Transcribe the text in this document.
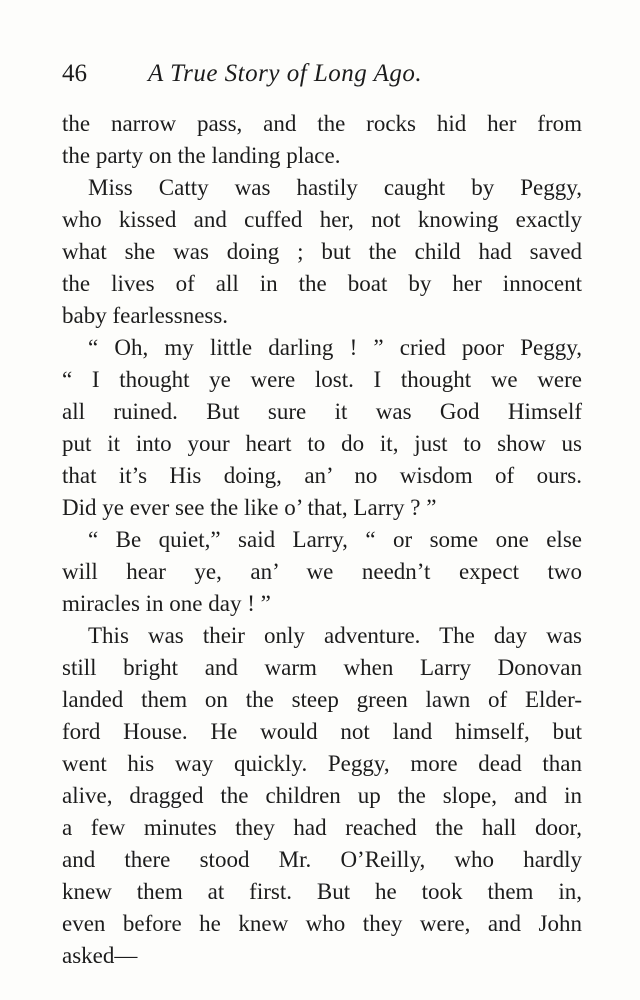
46 A True Story of Long Ago.
the narrow pass, and the rocks hid her from
the party on the landing place.
Miss Catty was hastily caught by Peggy,
who kissed and cuffed her, not knowing exactly
what she was doing ; but the child had saved
the lives of all in the boat by her innocent
baby fearlessness.
“ Oh, my little darling ! ” cried poor Peggy,
“ I thought ye were lost. I thought we were
all ruined. But sure it was God Himself
put it into your heart to do it, just to show us
that it’s His doing, an’ no wisdom of ours.
Did ye ever see the like o’ that, Larry ? ”
“ Be quiet,” said Larry, “ or some one else
will hear ye, an’ we needn’t expect two
miracles in one day ! ”
This was their only adventure. The day was
still bright and warm when Larry Donovan
landed them on the steep green lawn of Elder-
ford House. He would not land himself, but
went his way quickly. Peggy, more dead than
alive, dragged the children up the slope, and in
a few minutes they had reached the hall door,
and there stood Mr. O’Reilly, who hardly
knew them at first. But he took them in,
even before he knew who they were, and John
asked—
